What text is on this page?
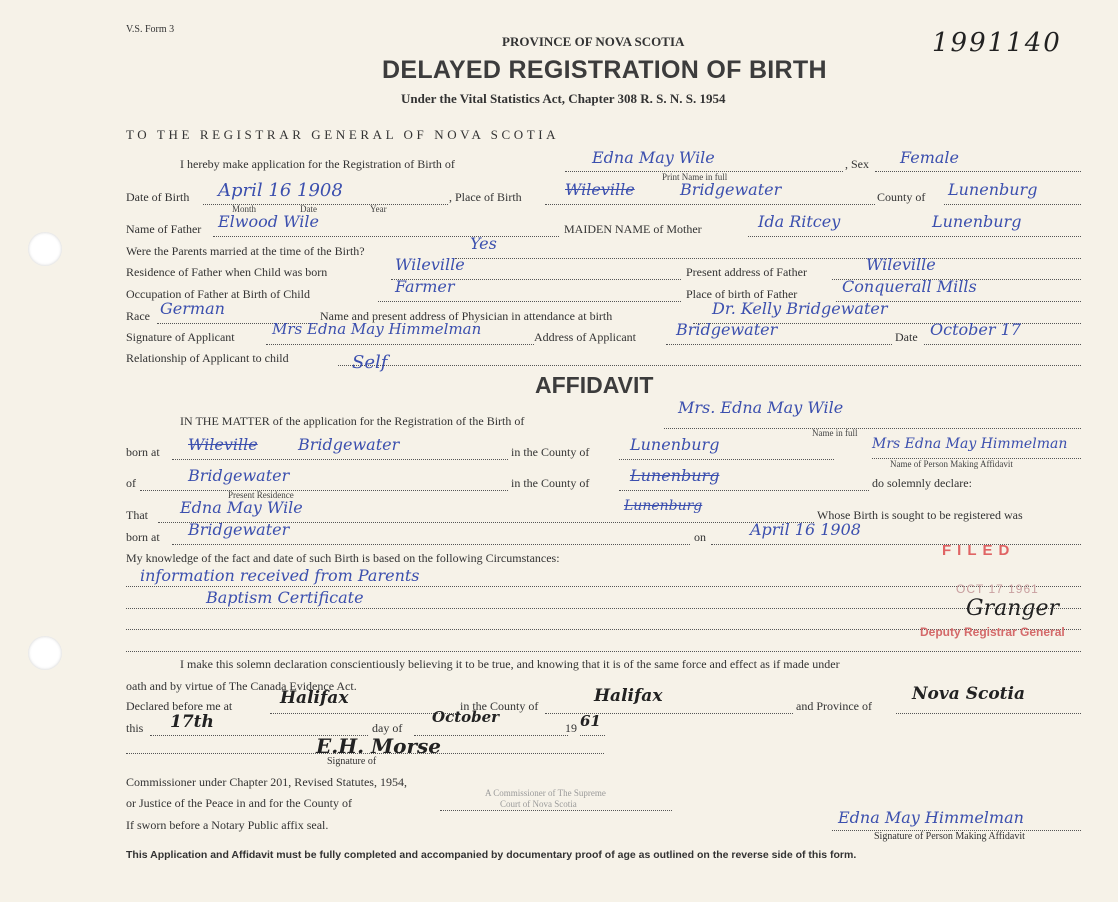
V.S. Form 3	1991140
PROVINCE OF NOVA SCOTIA
DELAYED REGISTRATION OF BIRTH
Under the Vital Statistics Act, Chapter 308 R. S. N. S. 1954
TO THE REGISTRAR GENERAL OF NOVA SCOTIA
I hereby make application for the Registration of Birth of	Edna May Wile
Print Name in full
, Sex Female
Date of Birth April 16 1908
Month	Date	Year
, Place of Birth	Wileville	Bridgewater	County of Lunenburg
Name of Father Elwood Wile	MAIDEN NAME of Mother	Ida Ritcey	Lunenburg
Were the Parents married at the time of the Birth?	Yes
Residence of Father when Child was born	Wileville	Present address of Father	Wileville
Occupation of Father at Birth of Child	Farmer	Place of birth of Father	Conquerall Mills
Race German	Name and present address of Physician in attendance at birth	Dr. Kelly Bridgewater
Signature of Applicant Mrs Edna May Himmelman	Address of Applicant	Bridgewater	Date October 17
Relationship of Applicant to child	Self
AFFIDAVIT
IN THE MATTER of the application for the Registration of the Birth of
Mrs. Edna May Wile
Name in full
born at Wileville	Bridgewater	in the County of	Lunenburg	Mrs Edna May Himmelman
Name of Person Making Affidavit
of	Bridgewater
Present Residence
in the County of	Lunenburg	do solemnly declare:
That Edna May Wile	Lunenburg
Whose Birth is sought to be registered was
born at Bridgewater	on	April 16 1908
My knowledge of the fact and date of such Birth is based on the following Circumstances:
information received from Parents
Baptism Certificate
FILED
OCT 17 1961
Deputy Registrar General
Granger
I make this solemn declaration conscientiously believing it to be true, and knowing that it is of the same force and effect as if made under
oath and by virtue of The Canada Evidence Act.
Declared before me at	Halifax	in the County of	Halifax	and Province of
Nova Scotia
this 17th	day of
October
19 61
E.H. Morse
Signature of
Commissioner under Chapter 201, Revised Statutes, 1954,
or Justice of the Peace in and for the County of
A Commissioner of The Supreme
Court of Nova Scotia
If sworn before a Notary Public affix seal.	Edna May Himmelman
Signature of Person Making Affidavit
This Application and Affidavit must be fully completed and accompanied by documentary proof of age as outlined on the reverse side of this form.
